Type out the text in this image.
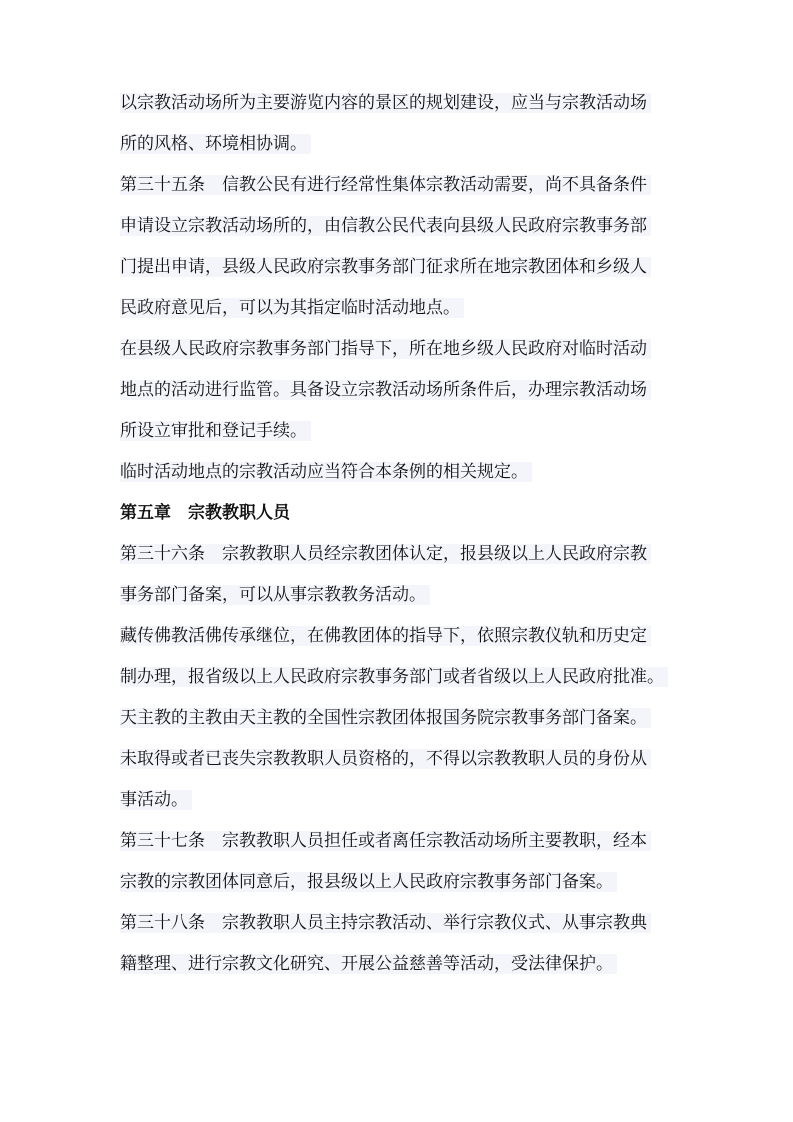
以宗教活动场所为主要游览内容的景区的规划建设，应当与宗教活动场
所的风格、环境相协调。
第三十五条　信教公民有进行经常性集体宗教活动需要，尚不具备条件
申请设立宗教活动场所的，由信教公民代表向县级人民政府宗教事务部
门提出申请，县级人民政府宗教事务部门征求所在地宗教团体和乡级人
民政府意见后，可以为其指定临时活动地点。
在县级人民政府宗教事务部门指导下，所在地乡级人民政府对临时活动
地点的活动进行监管。具备设立宗教活动场所条件后，办理宗教活动场
所设立审批和登记手续。
临时活动地点的宗教活动应当符合本条例的相关规定。
第五章　宗教教职人员
第三十六条　宗教教职人员经宗教团体认定，报县级以上人民政府宗教
事务部门备案，可以从事宗教教务活动。
藏传佛教活佛传承继位，在佛教团体的指导下，依照宗教仪轨和历史定
制办理，报省级以上人民政府宗教事务部门或者省级以上人民政府批准。
天主教的主教由天主教的全国性宗教团体报国务院宗教事务部门备案。
未取得或者已丧失宗教教职人员资格的，不得以宗教教职人员的身份从
事活动。
第三十七条　宗教教职人员担任或者离任宗教活动场所主要教职，经本
宗教的宗教团体同意后，报县级以上人民政府宗教事务部门备案。
第三十八条　宗教教职人员主持宗教活动、举行宗教仪式、从事宗教典
籍整理、进行宗教文化研究、开展公益慈善等活动，受法律保护。
